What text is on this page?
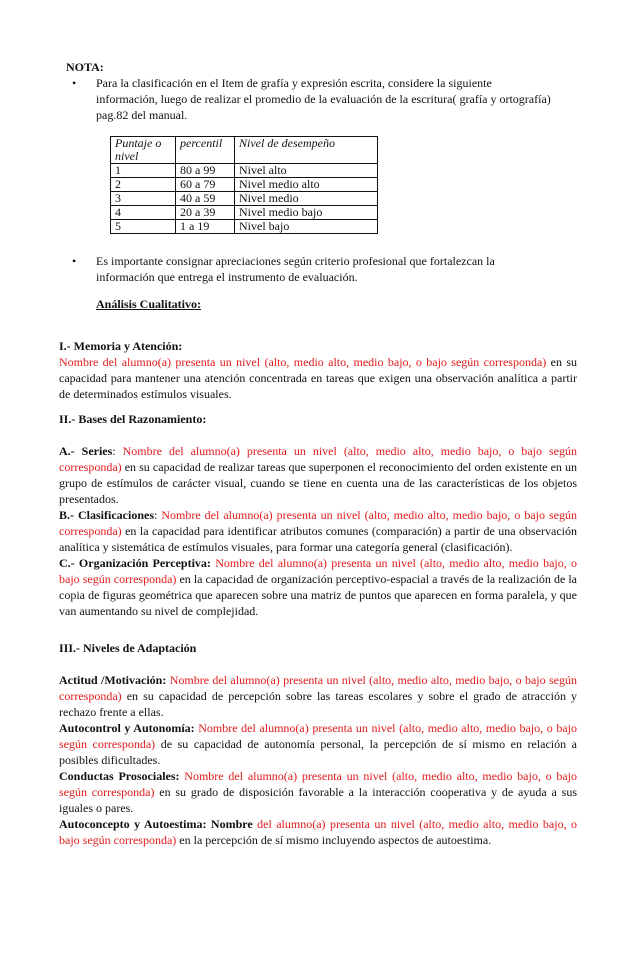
NOTA:
• Para la clasificación en el Item de grafía y expresión escrita, considere la siguiente
información, luego de realizar el promedio de la evaluación de la escritura( grafía y ortografía)
pag.82 del manual.
Puntaje o nivel	percentil	Nivel de desempeño
1	80 a 99	Nivel alto
2	60 a 79	Nivel medio alto
3	40 a 59	Nivel medio
4	20 a 39	Nivel medio bajo
5	1 a 19	Nivel bajo
• Es importante consignar apreciaciones según criterio profesional que fortalezcan la
información que entrega el instrumento de evaluación.
Análisis Cualitativo:
I.- Memoria y Atención:
Nombre del alumno(a) presenta un nivel (alto, medio alto, medio bajo, o bajo según corresponda) en su capacidad para mantener una atención concentrada en tareas que exigen una observación analítica a partir de determinados estímulos visuales.
II.- Bases del Razonamiento:
A.- Series: Nombre del alumno(a) presenta un nivel (alto, medio alto, medio bajo, o bajo según corresponda) en su capacidad de realizar tareas que superponen el reconocimiento del orden existente en un grupo de estímulos de carácter visual, cuando se tiene en cuenta una de las características de los objetos presentados.
B.- Clasificaciones: Nombre del alumno(a) presenta un nivel (alto, medio alto, medio bajo, o bajo según corresponda) en la capacidad para identificar atributos comunes (comparación) a partir de una observación analítica y sistemática de estímulos visuales, para formar una categoría general (clasificación).
C.- Organización Perceptiva: Nombre del alumno(a) presenta un nivel (alto, medio alto, medio bajo, o bajo según corresponda) en la capacidad de organización perceptivo-espacial a través de la realización de la copia de figuras geométrica que aparecen sobre una matriz de puntos que aparecen en forma paralela, y que van aumentando su nivel de complejidad.
III.- Niveles de Adaptación
Actitud /Motivación: Nombre del alumno(a) presenta un nivel (alto, medio alto, medio bajo, o bajo según corresponda) en su capacidad de percepción sobre las tareas escolares y sobre el grado de atracción y rechazo frente a ellas.
Autocontrol y Autonomía: Nombre del alumno(a) presenta un nivel (alto, medio alto, medio bajo, o bajo según corresponda) de su capacidad de autonomía personal, la percepción de sí mismo en relación a posibles dificultades.
Conductas Prosociales: Nombre del alumno(a) presenta un nivel (alto, medio alto, medio bajo, o bajo según corresponda) en su grado de disposición favorable a la interacción cooperativa y de ayuda a sus iguales o pares.
Autoconcepto y Autoestima: Nombre del alumno(a) presenta un nivel (alto, medio alto, medio bajo, o bajo según corresponda) en la percepción de sí mismo incluyendo aspectos de autoestima.
